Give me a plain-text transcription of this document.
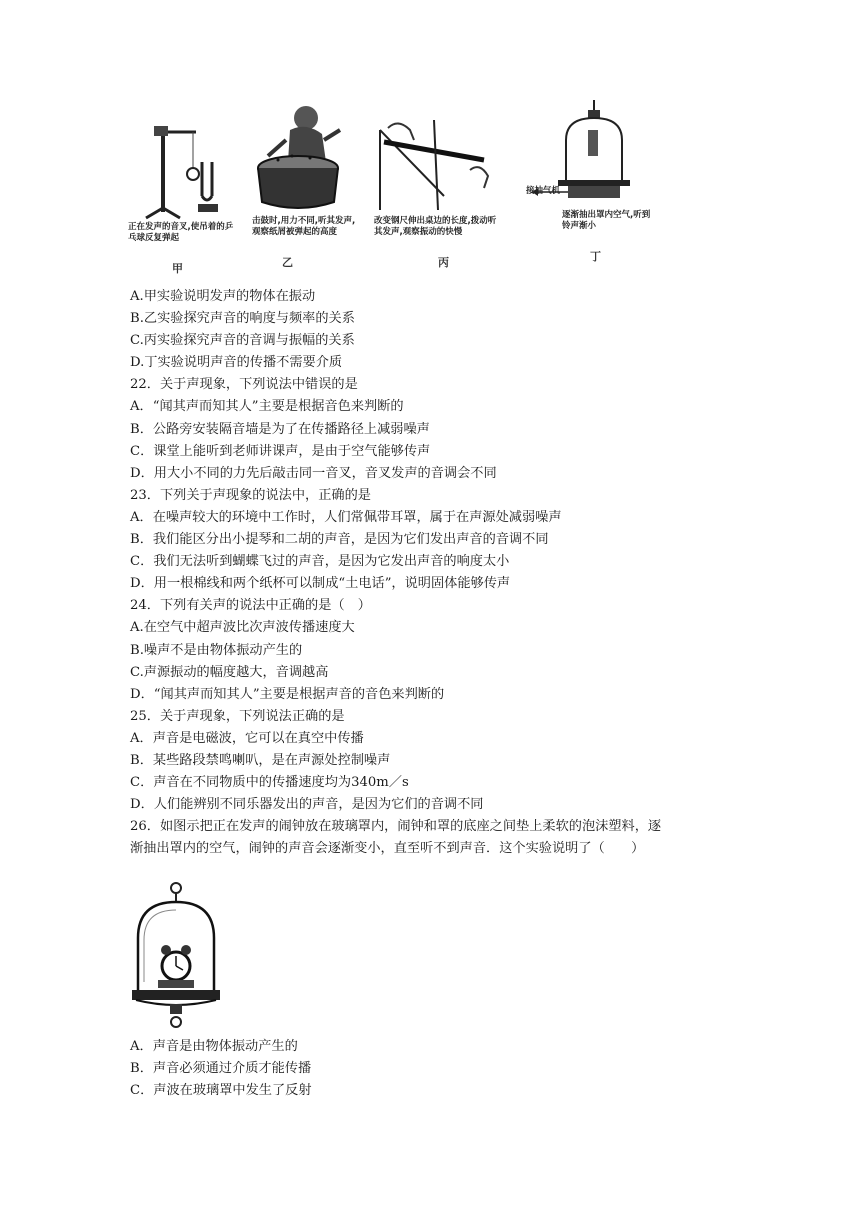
正在发声的音叉,使吊着的乒乓球反复弹起
甲
击鼓时,用力不同,听其发声,观察纸屑被弹起的高度
乙
改变钢尺伸出桌边的长度,拨动听其发声,观察振动的快慢
丙
接抽气机
逐渐抽出罩内空气,听到铃声渐小
丁
A.甲实验说明发声的物体在振动
B.乙实验探究声音的响度与频率的关系
C.丙实验探究声音的音调与振幅的关系
D.丁实验说明声音的传播不需要介质
22．关于声现象，下列说法中错误的是
A．“闻其声而知其人”主要是根据音色来判断的
B．公路旁安装隔音墙是为了在传播路径上减弱噪声
C．课堂上能听到老师讲课声，是由于空气能够传声
D．用大小不同的力先后敲击同一音叉，音叉发声的音调会不同
23．下列关于声现象的说法中，正确的是
A．在噪声较大的环境中工作时，人们常佩带耳罩，属于在声源处减弱噪声
B．我们能区分出小提琴和二胡的声音，是因为它们发出声音的音调不同
C．我们无法听到蝴蝶飞过的声音，是因为它发出声音的响度太小
D．用一根棉线和两个纸杯可以制成“土电话”，说明固体能够传声
24．下列有关声的说法中正确的是（　）
A.在空气中超声波比次声波传播速度大
B.噪声不是由物体振动产生的
C.声源振动的幅度越大，音调越高
D．“闻其声而知其人”主要是根据声音的音色来判断的
25．关于声现象，下列说法正确的是
A．声音是电磁波，它可以在真空中传播
B．某些路段禁鸣喇叭，是在声源处控制噪声
C．声音在不同物质中的传播速度均为340m／s
D．人们能辨别不同乐器发出的声音，是因为它们的音调不同
26．如图示把正在发声的闹钟放在玻璃罩内，闹钟和罩的底座之间垫上柔软的泡沫塑料，逐
渐抽出罩内的空气，闹钟的声音会逐渐变小，直至听不到声音．这个实验说明了（　　）
A．声音是由物体振动产生的
B．声音必须通过介质才能传播
C．声波在玻璃罩中发生了反射
